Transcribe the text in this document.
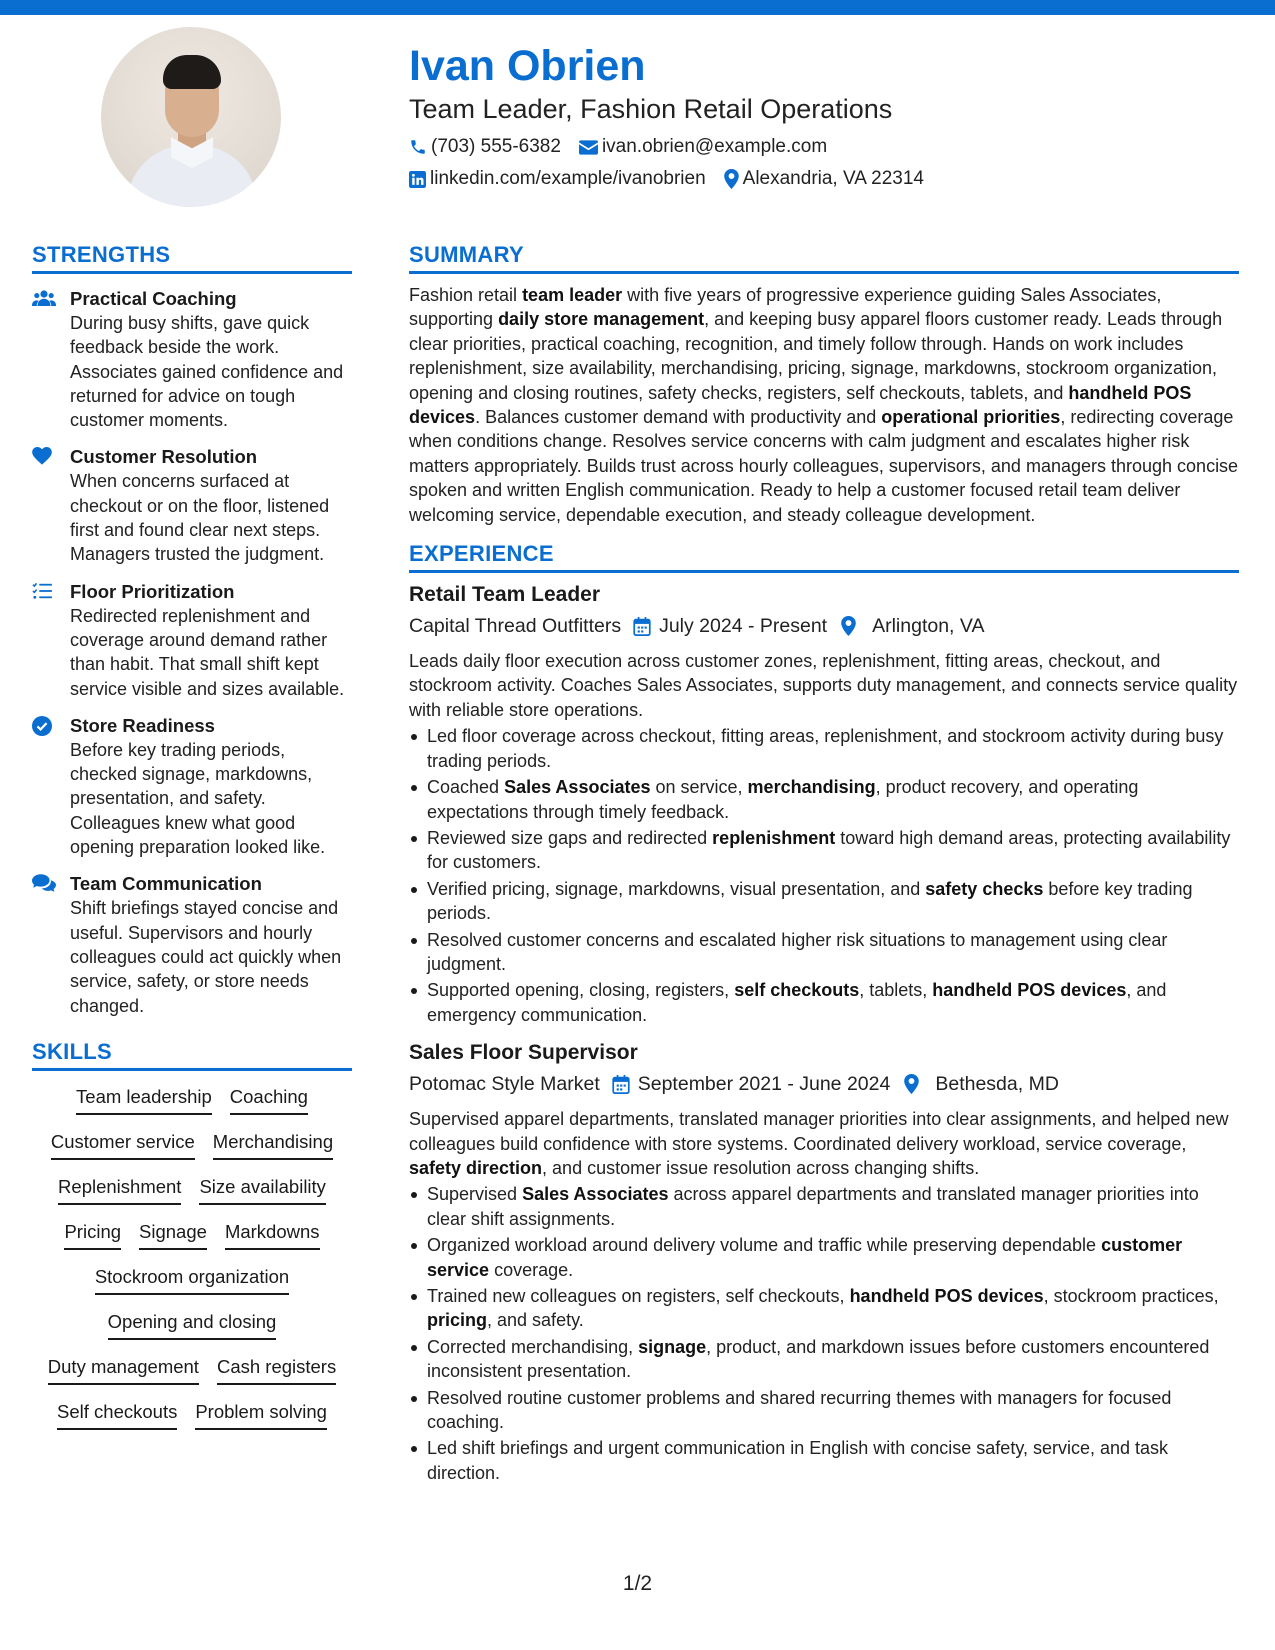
Ivan Obrien
Team Leader, Fashion Retail Operations
(703) 555-6382 ivan.obrien@example.com
linkedin.com/example/ivanobrien Alexandria, VA 22314
STRENGTHS
Practical Coaching
During busy shifts, gave quick feedback beside the work. Associates gained confidence and returned for advice on tough customer moments.
Customer Resolution
When concerns surfaced at checkout or on the floor, listened first and found clear next steps. Managers trusted the judgment.
Floor Prioritization
Redirected replenishment and coverage around demand rather than habit. That small shift kept service visible and sizes available.
Store Readiness
Before key trading periods, checked signage, markdowns, presentation, and safety. Colleagues knew what good opening preparation looked like.
Team Communication
Shift briefings stayed concise and useful. Supervisors and hourly colleagues could act quickly when service, safety, or store needs changed.
SKILLS
Team leadership Coaching
Customer service Merchandising
Replenishment Size availability
Pricing Signage Markdowns
Stockroom organization
Opening and closing
Duty management Cash registers
Self checkouts Problem solving
SUMMARY
Fashion retail team leader with five years of progressive experience guiding Sales Associates, supporting daily store management, and keeping busy apparel floors customer ready. Leads through clear priorities, practical coaching, recognition, and timely follow through. Hands on work includes replenishment, size availability, merchandising, pricing, signage, markdowns, stockroom organization, opening and closing routines, safety checks, registers, self checkouts, tablets, and handheld POS devices. Balances customer demand with productivity and operational priorities, redirecting coverage when conditions change. Resolves service concerns with calm judgment and escalates higher risk matters appropriately. Builds trust across hourly colleagues, supervisors, and managers through concise spoken and written English communication. Ready to help a customer focused retail team deliver welcoming service, dependable execution, and steady colleague development.
EXPERIENCE
Retail Team Leader
Capital Thread Outfitters July 2024 - Present Arlington, VA
Leads daily floor execution across customer zones, replenishment, fitting areas, checkout, and stockroom activity. Coaches Sales Associates, supports duty management, and connects service quality with reliable store operations.
Led floor coverage across checkout, fitting areas, replenishment, and stockroom activity during busy trading periods.
Coached Sales Associates on service, merchandising, product recovery, and operating expectations through timely feedback.
Reviewed size gaps and redirected replenishment toward high demand areas, protecting availability for customers.
Verified pricing, signage, markdowns, visual presentation, and safety checks before key trading periods.
Resolved customer concerns and escalated higher risk situations to management using clear judgment.
Supported opening, closing, registers, self checkouts, tablets, handheld POS devices, and emergency communication.
Sales Floor Supervisor
Potomac Style Market September 2021 - June 2024 Bethesda, MD
Supervised apparel departments, translated manager priorities into clear assignments, and helped new colleagues build confidence with store systems. Coordinated delivery workload, service coverage, safety direction, and customer issue resolution across changing shifts.
Supervised Sales Associates across apparel departments and translated manager priorities into clear shift assignments.
Organized workload around delivery volume and traffic while preserving dependable customer service coverage.
Trained new colleagues on registers, self checkouts, handheld POS devices, stockroom practices, pricing, and safety.
Corrected merchandising, signage, product, and markdown issues before customers encountered inconsistent presentation.
Resolved routine customer problems and shared recurring themes with managers for focused coaching.
Led shift briefings and urgent communication in English with concise safety, service, and task direction.
1/2
